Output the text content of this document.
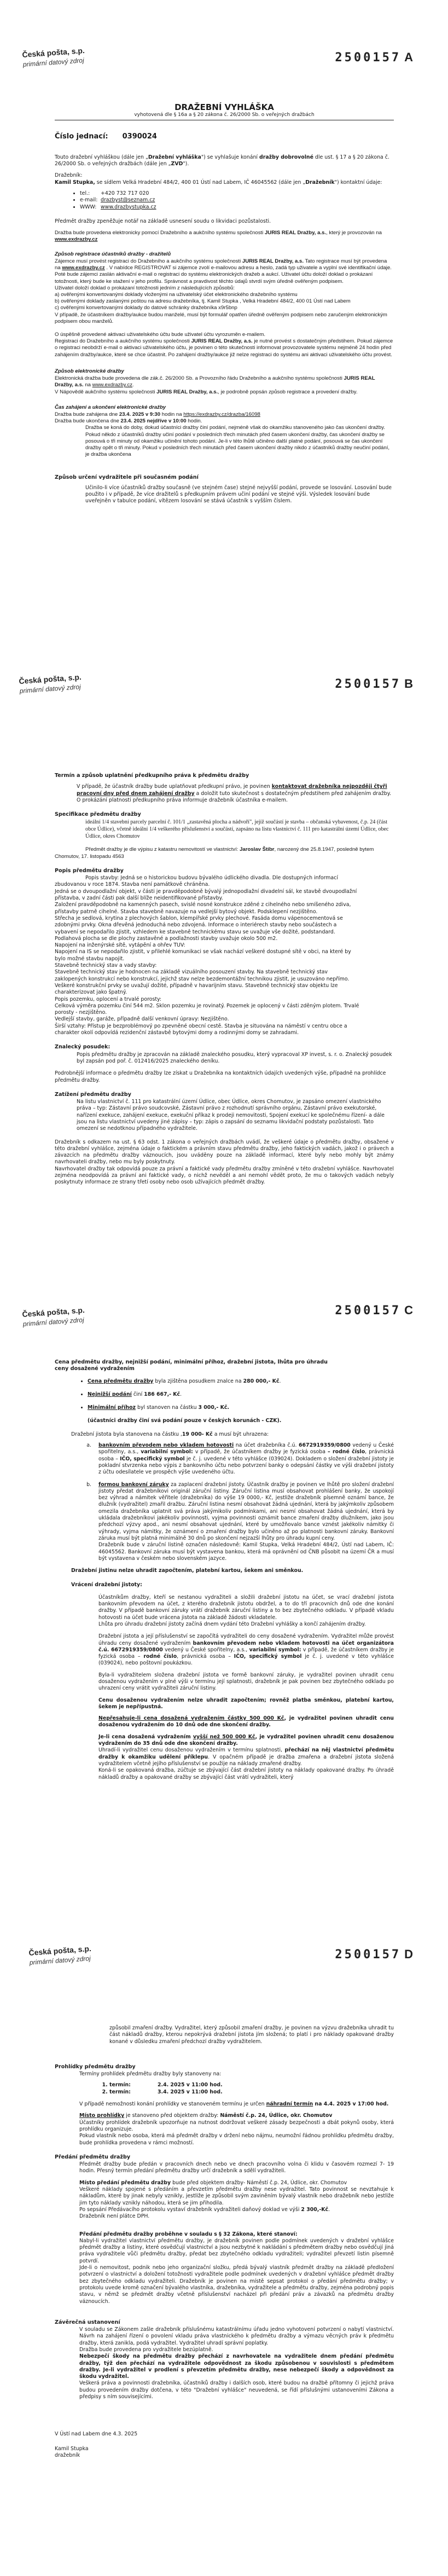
Česká pošta, s.p.
primární datový zdroj	2500157 A
DRAŽEBNÍ VYHLÁŠKA
vyhotovená dle § 16a a § 20 zákona č. 26/2000 Sb. o veřejných dražbách
Číslo jednací: 0390024

Touto dražební vyhláškou (dále jen „Dražební vyhláška") se vyhlašuje konání dražby dobrovolné dle ust. § 17 a § 20 zákona č. 26/2000 Sb. o veřejných dražbách (dále jen „ZVD").

Dražebník:
Kamil Stupka, se sídlem Velká Hradební 484/2, 400 01 Ústí nad Labem, IČ 46045562 (dále jen „Dražebník") kontaktní údaje:
• tel.: +420 732 717 020
• e-mail: drazbyst@seznam.cz
• WWW: www.drazbystupka.cz

Předmět dražby zpeněžuje notář na základě usnesení soudu o likvidaci pozůstalosti.

Dražba bude provedena elektronicky pomocí Dražebního a aukčního systému společnosti JURIS REAL Dražby, a.s., který je provozován na www.exdrazby.cz

Způsob registrace účastníků dražby - dražitelů
Zájemce musí provést registraci do Dražebního a aukčního systému společnosti JURIS REAL Dražby, a.s. Tato registrace musí být provedena na www.exdrazby.cz . V nabídce REGISTROVAT si zájemce zvolí e-mailovou adresu a heslo, zadá typ uživatele a vyplní své identifikační údaje. Poté bude zájemci zaslán aktivační e-mail o registraci do systému elektronických dražeb a aukcí. Uživatel účtu doloží doklad o prokázaní totožnosti, který bude ke stažení v jeho profilu. Správnost a pravdivost těchto údajů stvrdí svým úředně ověřeným podpisem.
Uživatel doloží doklad o prokázaní totožnosti jedním z následujících způsobů:
a) ověřenými konvertovanými doklady vloženými na uživatelský účet elektronického dražebního systému
b) ověřenými doklady zaslanými poštou na adresu dražebníka, tj. Kamil Stupka , Velká Hradební 484/2, 400 01 Ústí nad Labem
c) ověřenými konvertovanými doklady do datové schránky dražebníka x9r5bnp
V případě, že účastníkem dražby/aukce budou manželé, musí být formulář opatřen úředně ověřeným podpisem nebo zaručeným elektronickým podpisem obou manželů.
O úspěšně provedené aktivaci uživatelského účtu bude uživatel účtu vyrozuměn e-mailem.
Registraci do Dražebního a aukčního systému společnosti JURIS REAL Dražby, a.s. je nutné provést s dostatečným předstihem. Pokud zájemce o registraci neobdrží e-mail o aktivaci uživatelského účtu, je povinen o této skutečnosti informovat provozovatele systému nejméně 24 hodin před zahájením dražby/aukce, které se chce účastnit. Po zahájení dražby/aukce již nelze registraci do systému ani aktivaci uživatelského účtu provést.
Způsob elektronické dražby
Elektronická dražba bude provedena dle zák.č. 26/2000 Sb. a Provozního řádu Dražebního a aukčního systému společnosti JURIS REAL Dražby, a.s. na www.exdrazby.cz.
V Nápovědě aukčního systému společnosti JURIS REAL Dražby, a.s., je podrobně popsán způsob registrace a provedení dražby.
Čas zahájení a ukončení elektronické dražby
Dražba bude zahájena dne 23.4. 2025 v 9:30 hodin na https://exdrazby.cz/drazba/16098
Dražba bude ukončena dne 23.4. 2025 nejdříve v 10:00 hodin.
Dražba se koná do doby, dokud účastníci dražby činí podání, nejméně však do okamžiku stanoveného jako čas ukončení dražby. Pokud někdo z účastníků dražby učiní podání v posledních třech minutách před časem ukončení dražby, čas ukončení dražby se posouvá o tři minuty od okamžiku učinění tohoto podání. Je-li v této lhůtě učiněno další platné podání, posouvá se čas ukončení dražby opět o tři minuty. Pokud v posledních třech minutách před časem ukončení dražby nikdo z účastníků dražby neučiní podání, je dražba ukončena
Způsob určení vydražitele při současném podání
Učinilo-li více účastníků dražby současně (ve stejném čase) stejné nejvyšší podání, provede se losování. Losování bude použito i v případě, že více dražitelů s předkupním právem učiní podání ve stejné výši. Výsledek losování bude uveřejněn v tabulce podání, vítězem losování se stává účastník s vyšším číslem.
Česká pošta, s.p.
primární datový zdroj	2500157 B
Termín a způsob uplatnění předkupního práva k předmětu dražby
V případě, že účastník dražby bude uplatňovat předkupní právo, je povinen kontaktovat dražebníka nejpozději čtyři pracovní dny před dnem zahájení dražby a doložit tuto skutečnost s dostatečným předstihem před zahájením dražby.
O prokázání platnosti předkupního práva informuje dražebník účastníka e-mailem.
Specifikace předmětu dražby
ideální 1/4 stavební parcely parcelní č. 101/1 „zastavěná plocha a nádvoří", jejíž součástí je stavba – občanská vybavenost, č.p. 24 (část obce Údlice), včetně ideální 1/4 veškerého příslušenství a součástí, zapsáno na listu vlastnictví č. 111 pro katastrální území Údlice, obec Údlice, okres Chomutov

Předmět dražby je dle výpisu z katastru nemovitostí ve vlastnictví: Jaroslav Štíbr, narozený dne 25.8.1947, posledně bytem Chomutov, 17. listopadu 4563

Popis předmětu dražby
Popis stavby: Jedná se o historickou budovu bývalého údlického divadla. Dle dostupných informací zbudovanou v roce 1874. Stavba není památkově chráněna.
Jedná se o dvoupodlažní objekt, v části je pravděpodobně bývalý jednopodlažní divadelní sál, ke stavbě dvoupodlažní přístavba, v zadní části pak další blíže neidentifikované přístavby.
Založení pravděpodobně na kamenných pasech, svislé nosné konstrukce zděné z cihelného nebo smíšeného zdiva, přístavby patrně cihelné. Stavba stavebně navazuje na vedlejší bytový objekt. Podsklepení nezjištěno.
Střecha je sedlová, krytina z plechových šablon, klempířské prvky plechové. Fasáda domu vápenocementová se zdobnými prvky. Okna dřevěná jednoduchá nebo zdvojená. Informace o interiérech stavby nebo součástech a vybavení se nepodařilo zjistit, vzhledem ke stavebně technickému stavu se uvažuje vše dožité, podstandard. Podlahová plocha se dle plochy zastavěné a podlažnosti stavby uvažuje okolo 500 m2.
Napojení na inženýrské sítě, vytápění a ohřev TUV:
Napojení na IS se nepodařilo zjistit, v přilehlé komunikaci se však nachází veškeré dostupné sítě v obci, na které by bylo možné stavbu napojit.
Stavebně technický stav a vady stavby:
Stavebně technický stav je hodnocen na základě vizuálního posouzení stavby. Na stavebně technický stav zaklopených konstrukcí nebo konstrukcí, jejichž stav nelze bezdemontážní technikou zjistit, je usuzováno nepřímo. Veškeré konstrukční prvky se uvažují dožité, případně v havarijním stavu. Stavebně technický stav objektu lze charakterizovat jako špatný.
Popis pozemku, oplocení a trvalé porosty:
Celková výměra pozemku činí 544 m2. Sklon pozemku je rovinatý. Pozemek je oplocený v části zděným plotem. Trvalé porosty - nezjištěno.
Vedlejší stavby, garáže, případně další venkovní úpravy: Nezjištěno.
Širší vztahy: Přístup je bezproblémový po zpevněné obecní cestě. Stavba je situována na náměstí v centru obce a charakter okolí odpovídá rezidenční zástavbě bytovými domy a rodinnými domy se zahradami.
Znalecký posudek:
Popis předmětu dražby je zpracován na základě znaleckého posudku, který vypracoval XP invest, s. r. o. Znalecký posudek byl zapsán pod poř. č. 012416/2025 znaleckého deníku.

Podrobnější informace o předmětu dražby lze získat u Dražebníka na kontaktních údajích uvedených výše, případně na prohlídce předmětu dražby.

Zatížení předmětu dražby
Na listu vlastnictví č. 111 pro katastrální území Údlice, obec Údlice, okres Chomutov, je zapsáno omezení vlastnického práva – typ: Zástavní právo soudcovské, Zástavní právo z rozhodnutí správního orgánu, Zástavní právo exekutorské, nařízení exekuce, zahájení exekuce, exekuční příkaz k prodeji nemovitosti, Spojení exekucí ke společnému řízení- a dále jsou na listu vlastnictví uvedeny jiné zápisy – typ: zápis o zapsání do seznamu likvidační podstaty pozůstalosti. Tato omezení se nedotknou případného vydražitele.
Dražebník s odkazem na ust. § 63 odst. 1 zákona o veřejných dražbách uvádí, že veškeré údaje o předmětu dražby, obsažené v této dražební vyhlášce, zejména údaje o faktickém a právním stavu předmětu dražby, jeho faktických vadách, jakož i o právech a závazcích na předmětu dražby váznoucích, jsou uváděny pouze na základě informací, které byly nebo mohly být známy navrhovateli dražby, nebo mu byly poskytnuty.
Navrhovatel dražby tak odpovídá pouze za právní a faktické vady předmětu dražby zmíněné v této dražební vyhlášce. Navrhovatel zejména neodpovídá za právní ani faktické vady, o nichž nevěděl a ani nemohl vědět proto, že mu o takových vadách nebyly poskytnuty informace ze strany třetí osoby nebo osob užívajících předmět dražby.
Česká pošta, s.p.
primární datový zdroj
2500157 C
Cena předmětu dražby, nejnižší podání, minimální příhoz, dražební jistota, lhůta pro úhradu ceny dosažené vydražením
• Cena předmětu dražby byla zjištěna posudkem znalce na 280 000,- Kč.
• Nejnižší podání činí 186 667,- Kč.
• Minimální příhoz byl stanoven na částku 3 000,- Kč.
(účastníci dražby činí svá podání pouze v českých korunách - CZK).
Dražební jistota byla stanovena na částku ,19 000- Kč a musí být uhrazena:
a. bankovním převodem nebo vkladem hotovosti na účet dražebníka č.ú. 6672919359/0800 vedený u České spořitelny, a.s., variabilní symbol: v případě, že účastníkem dražby je fyzická osoba – rodné číslo, právnická osoba – IČO, specifický symbol je č. j. uvedené v této vyhlášce (039024). Dokladem o složení dražební jistoty je pokladní stvrzenka nebo výpis z bankovního účtu nebo potvrzení banky o odepsání částky ve výši dražební jistoty z účtu odesílatele ve prospěch výše uvedeného účtu.
b. formou bankovní záruky za zaplacení dražební jistoty. Účastník dražby je povinen ve lhůtě pro složení dražební jistoty předat dražebníkovi originál záruční listiny. Záruční listina musí obsahovat prohlášení banky, že uspokojí bez výhrad a námitek věřitele (dražebníka) do výše 19 0000,- Kč, jestliže dražebník písemně oznámí bance, že dlužník (vydražitel) zmařil dražbu. Záruční listina nesmí obsahovat žádná ujednání, která by jakýmkoliv způsobem omezila dražebníka uplatnit svá práva jakýmikoliv podmínkami, ani nesmí obsahovat žádná ujednání, která by ukládala dražebníkovi jakékoliv povinnosti, vyjma povinnosti oznámit bance zmaření dražby dlužníkem, jako jsou předchozí výzvy apod., ani nesmí obsahovat ujednání, které by umožňovalo bance vznést jakékoliv námitky či výhrady, vyjma námitky, že oznámení o zmaření dražby bylo učiněno až po platnosti bankovní záruky. Bankovní záruka musí být platná minimálně 30 dnů po skončení nejzazší lhůty pro úhradu kupní ceny.
Dražebník bude v záruční listině označen následovně: Kamil Stupka, Velká Hradební 484/2, Ústí nad Labem, IČ: 46045562. Bankovní záruka musí být vystavena bankou, která má oprávnění od ČNB působit na území ČR a musí být vystavena v českém nebo slovenském jazyce.
Dražební jistinu nelze uhradit započtením, platební kartou, šekem ani směnkou.
Vrácení dražební jistoty:
Účastníkům dražby, kteří se nestanou vydražiteli a složili dražební jistotu na účet, se vrací dražební jistota bankovním převodem na účet, z kterého dražebník jistotu obdržel, a to do tří pracovních dnů ode dne konání dražby. V případě bankovní záruky vrátí dražebník záruční listiny a to bez zbytečného odkladu. V případě vkladu hotovosti na účet bude vrácena jistota na základě žádosti vkladatele.
Lhůta pro úhradu dražební jistoty začíná dnem vydání této Dražební vyhlášky a končí zahájením dražby.

Dražební jistota a její příslušenství se započítá vydražiteli do ceny dosažené vydražením. Vydražitel může provést úhradu ceny dosažené vydražením bankovním převodem nebo vkladem hotovosti na účet organizátora č.ú. 6672919359/0800 vedený u České spořitelny, a.s., variabilní symbol: v případě, že účastníkem dražby je fyzická osoba – rodné číslo, právnická osoba – IČO, specifický symbol je č. j. uvedené v této vyhlášce (039024), nebo poštovní poukázkou.

Byla-li vydražitelem složena dražební jistota ve formě bankovní záruky, je vydražitel povinen uhradit cenu dosaženou vydražením v plné výši v termínu její splatnosti, dražebník je pak povinen bez zbytečného odkladu po uhrazení ceny vrátit vydražiteli záruční listiny.

Cenu dosaženou vydražením nelze uhradit započtením; rovněž platba směnkou, platební kartou, šekem je nepřípustná.

Nepřesahuje-li cena dosažená vydražením částky 500 000 Kč, je vydražitel povinen uhradit cenu dosaženou vydražením do 10 dnů ode dne skončení dražby.

Je-li cena dosažená vydražením vyšší než 500 000 Kč, je vydražitel povinen uhradit cenu dosaženou vydražením do 35 dnů ode dne skončení dražby.
Uhradí-li vydražitel cenu dosaženou vydražením v termínu splatnosti, přechází na něj vlastnictví předmětu dražby k okamžiku udělení příklepu. V opačném případě je dražba zmařena a dražební jistota složená vydražitelem včetně jejího příslušenství se použije na náklady zmařené dražby.
Koná-li se opakovaná dražba, zúčtuje se zbývající část dražební jistoty na náklady opakované dražby. Po úhradě nákladů dražby a opakované dražby se zbývající část vrátí vydražiteli, který
Česká pošta, s.p.
primární datový zdroj	2500157 D
způsobil zmaření dražby. Vydražitel, který způsobil zmaření dražby, je povinen na výzvu dražebníka uhradit tu část nákladů dražby, kterou nepokrývá dražební jistota jím složená; to platí i pro náklady opakované dražby konané v důsledku zmaření předchozí dražby vydražitelem.
Prohlídky předmětu dražby
Termíny prohlídek předmětu dražby byly stanoveny na:
1. termín:	2.4. 2025 v 11:00 hod.
2. termín:	3.4. 2025 v 11:00 hod.

V případě nemožnosti konání prohlídky ve stanoveném termínu je určen náhradní termín na 4.4. 2025 v 17:00 hod.

Místo prohlídky je stanoveno před objektem dražby: Náměstí č.p. 24, Údlice, okr. Chomutov
Účastníky prohlídek dražebník upozorňuje na nutnost dodržovat veškeré zásady bezpečnosti a dbát pokynů osoby, která prohlídku organizuje.
Pokud vlastník nebo osoba, která má předmět dražby v držení nebo nájmu, neumožní řádnou prohlídku předmětu dražby, bude prohlídka provedena v rámci možností.
Předání předmětu dražby

Předmět dražby bude předán v pracovních dnech nebo ve dnech pracovního volna či klidu v časovém rozmezí 7- 19 hodin. Přesný termín předání předmětu dražby určí dražebník a sdělí vydražiteli.

Místo předání předmětu dražby bude před objektem dražby- Náměstí č.p. 24, Údlice, okr. Chomutov
Veškeré náklady spojené s předáním a převzetím předmětu dražby nese vydražitel. Tato povinnost se nevztahuje k nákladům, které by jinak nebyly vznikly, jestliže je způsobil svým zaviněním bývalý vlastník nebo dražebník nebo jestliže jim tyto náklady vznikly náhodou, která se jim přihodila.
Po sepsání Předávacího protokolu vystaví dražebník vydražiteli daňový doklad ve výši 2 300,-Kč.
Dražebník není plátce DPH.
Předání předmětu dražby proběhne v souladu s § 32 Zákona, které stanoví:
Nabyl-li vydražitel vlastnictví předmětu dražby, je dražebník povinen podle podmínek uvedených v dražební vyhlášce předmět dražby a listiny, které osvědčují vlastnictví a jsou nezbytné k nakládání s předmětem dražby nebo osvědčují jiná práva vydražitele vůči předmětu dražby, předat bez zbytečného odkladu vydražiteli; vydražitel převzetí listin písemně potvrdí.
Jde-li o nemovitost, podnik nebo jeho organizační složku, předá bývalý vlastník předmět dražby na základě předložení potvrzení o vlastnictví a doložení totožnosti vydražitele podle podmínek uvedených v dražební vyhlášce předmět dražby bez zbytečného odkladu vydražiteli. Dražebník je povinen na místě sepsat protokol o předání předmětu dražby; v protokolu uvede kromě označení bývalého vlastníka, dražebníka, vydražitele a předmětu dražby, zejména podrobný popis stavu, v němž se předmět dražby včetně příslušenství nacházel při předání práv a závazků na předmětu dražby váznoucích.
Závěrečná ustanovení
V souladu se Zákonem zašle dražebník příslušnému katastrálnímu úřadu jedno vyhotovení potvrzení o nabytí vlastnictví. Návrh na zahájení řízení o povolení vkladu práva vlastnického k předmětu dražby a výmazu věcných práv k předmětu dražby, která zanikla, podá vydražitel. Vydražitel uhradí správní poplatky.
Dražba bude provedena pro vydražitele bezúplatně.
Nebezpečí škody na předmětu dražby přechází z navrhovatele na vydražitele dnem předání předmětu dražby, týž den přechází na vydražitele odpovědnost za škodu způsobenou v souvislosti s předmětem dražby. Je-li vydražitel v prodlení s převzetím předmětu dražby, nese nebezpečí škody a odpovědnost za škodu vydražitel.
Veškerá práva a povinnosti dražebníka, účastníků dražby i dalších osob, které budou na dražbě přítomny či jejichž práva budou provedením dražby dotčena, v této "Dražební vyhlášce" neuvedená, se řídí příslušnými ustanoveními Zákona a předpisy s ním souvisejícími.
V Ústí nad Labem dne 4.3. 2025
Kamil Stupka
dražebník
